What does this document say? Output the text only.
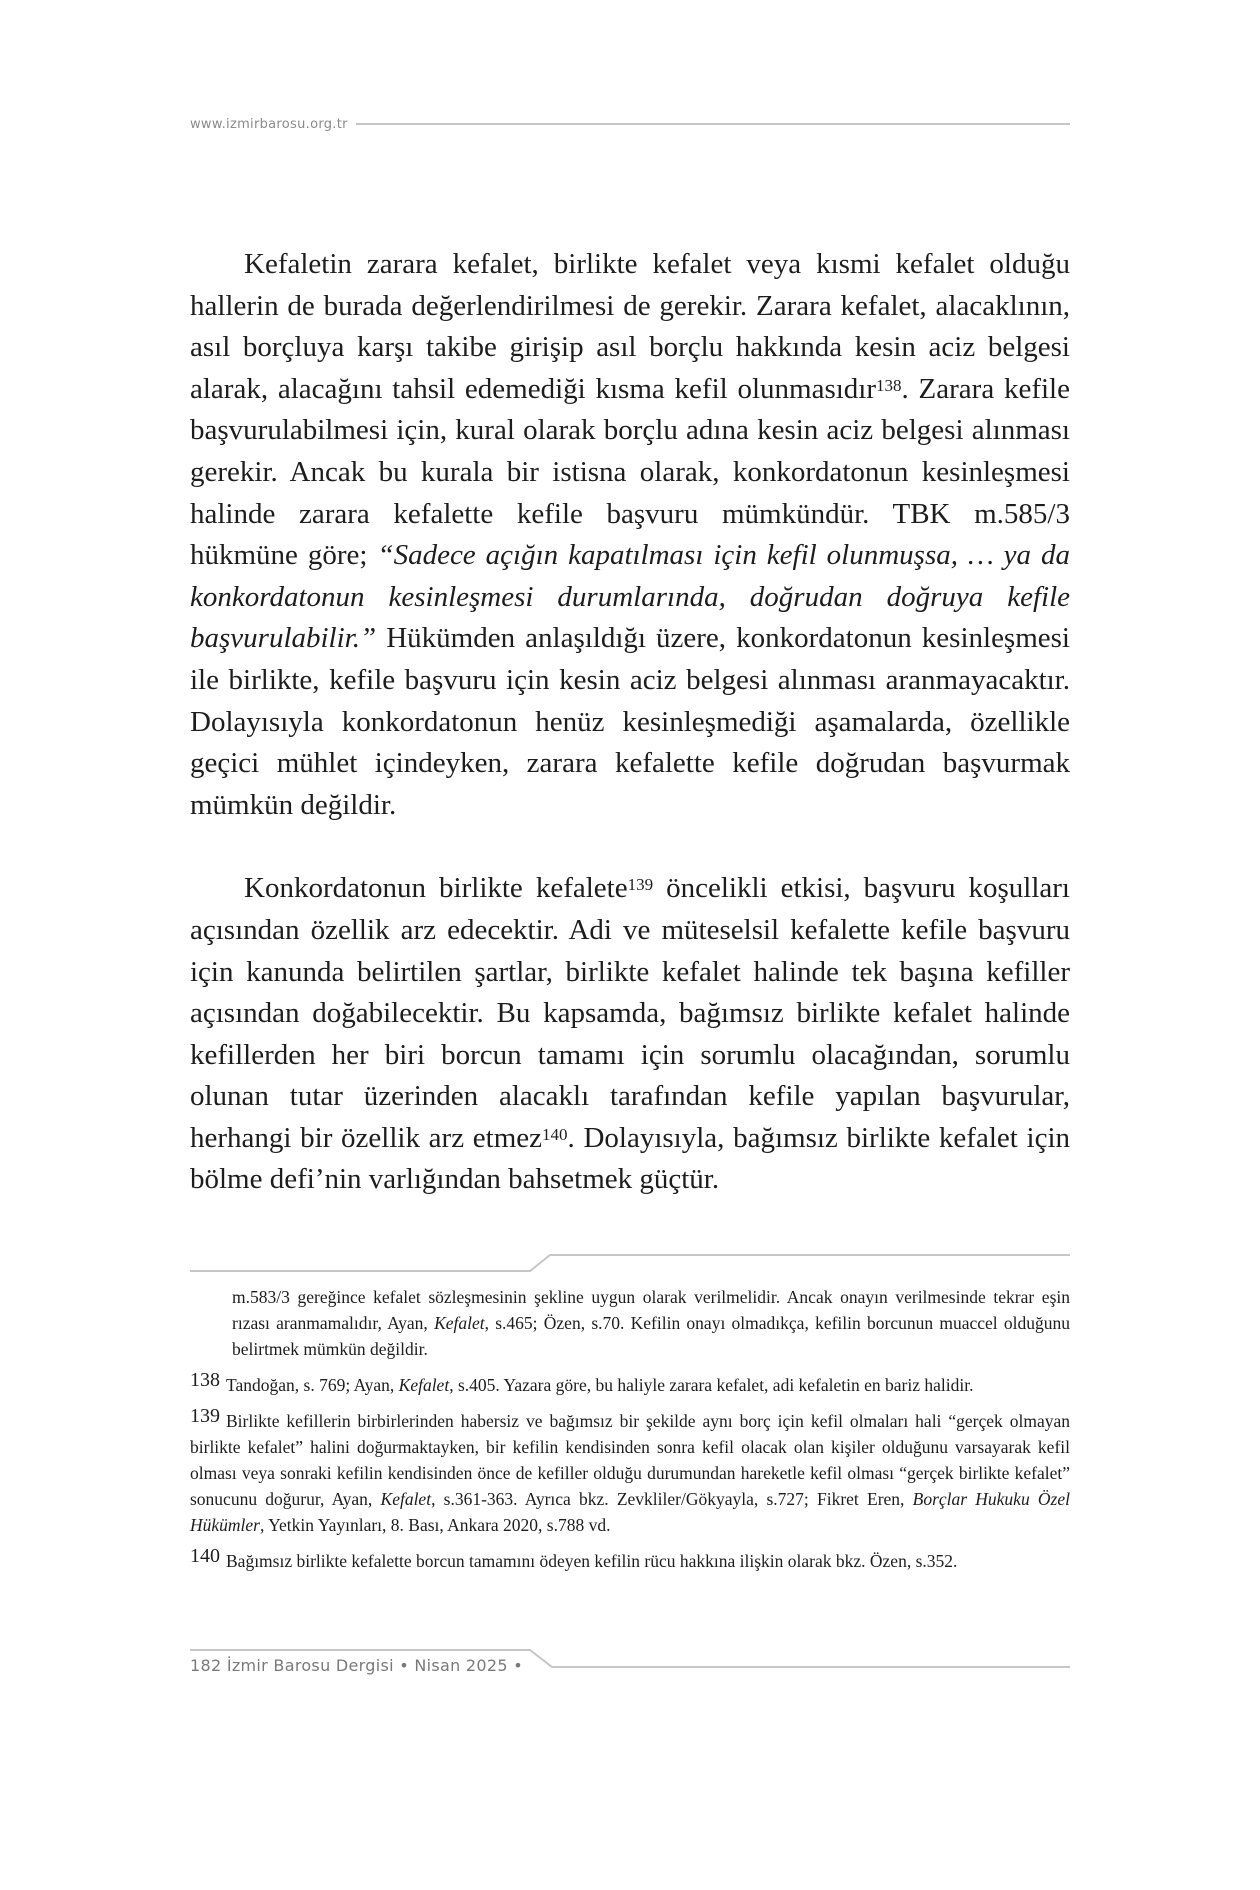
www.izmirbarosu.org.tr

Kefaletin zarara kefalet, birlikte kefalet veya kısmi kefalet olduğu hallerin de burada değerlendirilmesi de gerekir. Zarara kefalet, alacaklının, asıl borçluya karşı takibe girişip asıl borçlu hakkında kesin aciz belgesi alarak, alacağını tahsil edemediği kısma kefil olunmasıdır$^{138}$. Zarara kefile başvurulabilmesi için, kural olarak borçlu adına kesin aciz belgesi alınması gerekir. Ancak bu kurala bir istisna olarak, konkordatonun kesinleşmesi halinde zarara kefalette kefile başvuru mümkündür. TBK m.585/3 hükmüne göre; “Sadece açığın kapatılması için kefil olunmuşsa, … ya da konkordatonun kesinleşmesi durumlarında, doğrudan doğruya kefile başvurulabilir.” Hükümden anlaşıldığı üzere, konkordatonun kesinleşmesi ile birlikte, kefile başvuru için kesin aciz belgesi alınması aranmayacaktır. Dolayısıyla konkordatonun henüz kesinleşmediği aşamalarda, özellikle geçici mühlet içindeyken, zarara kefalette kefile doğrudan başvurmak mümkün değildir.

Konkordatonun birlikte kefalete$^{139}$ öncelikli etkisi, başvuru koşulları açısından özellik arz edecektir. Adi ve müteselsil kefalette kefile başvuru için kanunda belirtilen şartlar, birlikte kefalet halinde tek başına kefiller açısından doğabilecektir. Bu kapsamda, bağımsız birlikte kefalet halinde kefillerden her biri borcun tamamı için sorumlu olacağından, sorumlu olunan tutar üzerinden alacaklı tarafından kefile yapılan başvurular, herhangi bir özellik arz etmez$^{140}$. Dolayısıyla, bağımsız birlikte kefalet için bölme defi’nin varlığından bahsetmek güçtür.

m.583/3 gereğince kefalet sözleşmesinin şekline uygun olarak verilmelidir. Ancak onayın verilmesinde tekrar eşin rızası aranmamalıdır, Ayan, Kefalet, s.465; Özen, s.70. Kefilin onayı olmadıkça, kefilin borcunun muaccel olduğunu belirtmek mümkün değildir.
138 Tandoğan, s. 769; Ayan, Kefalet, s.405. Yazara göre, bu haliyle zarara kefalet, adi kefaletin en bariz halidir.
139 Birlikte kefillerin birbirlerinden habersiz ve bağımsız bir şekilde aynı borç için kefil olmaları hali “gerçek olmayan birlikte kefalet” halini doğurmaktayken, bir kefilin kendisinden sonra kefil olacak olan kişiler olduğunu varsayarak kefil olması veya sonraki kefilin kendisinden önce de kefiller olduğu durumundan hareketle kefil olması “gerçek birlikte kefalet” sonucunu doğurur, Ayan, Kefalet, s.361-363. Ayrıca bkz. Zevkliler/Gökyayla, s.727; Fikret Eren, Borçlar Hukuku Özel Hükümler, Yetkin Yayınları, 8. Bası, Ankara 2020, s.788 vd.
140 Bağımsız birlikte kefalette borcun tamamını ödeyen kefilin rücu hakkına ilişkin olarak bkz. Özen, s.352.
182 İzmir Barosu Dergisi • Nisan 2025 •
